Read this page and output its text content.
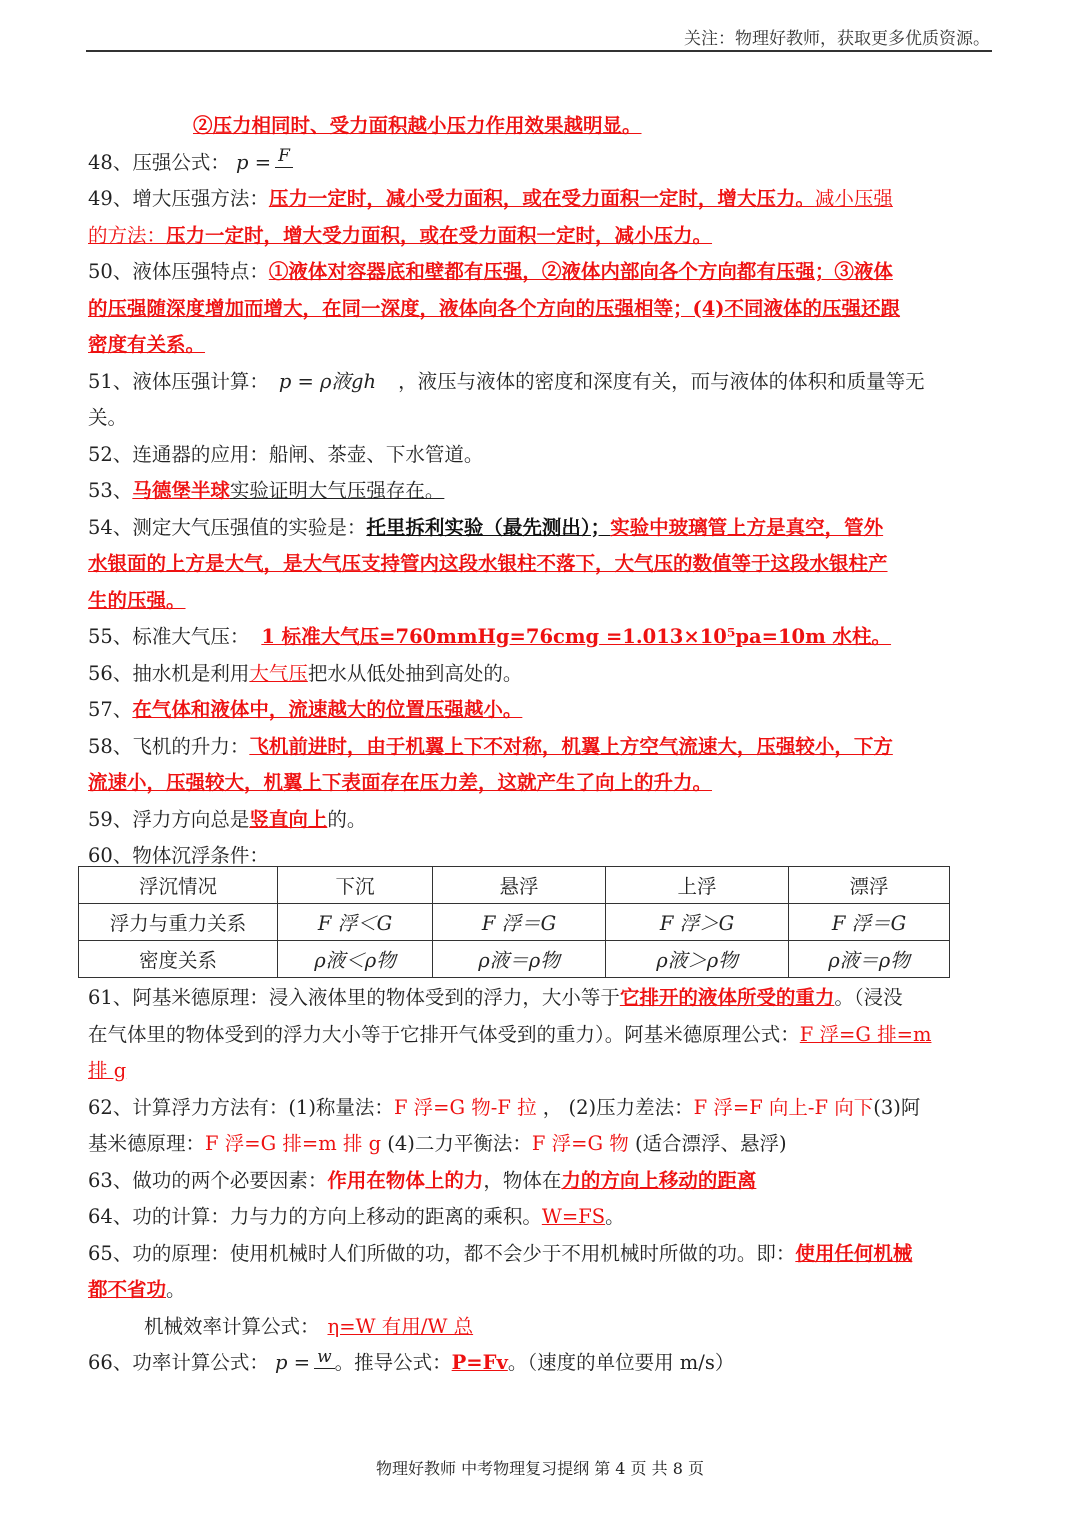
关注：物理好教师，获取更多优质资源。
②压力相同时、受力面积越小压力作用效果越明显。
48、压强公式： p = F
49、增大压强方法：压力一定时，减小受力面积，或在受力面积一定时，增大压力。减小压强
的方法：压力一定时，增大受力面积，或在受力面积一定时，减小压力。
50、液体压强特点：①液体对容器底和壁都有压强，②液体内部向各个方向都有压强；③液体
的压强随深度增加而增大，在同一深度，液体向各个方向的压强相等；(4)不同液体的压强还跟
密度有关系。
51、液体压强计算： p = ρ液gh ，液压与液体的密度和深度有关，而与液体的体积和质量等无
关。
52、连通器的应用：船闸、茶壶、下水管道。
53、马德堡半球实验证明大气压强存在。
54、测定大气压强值的实验是：托里拆利实验（最先测出）；实验中玻璃管上方是真空，管外
水银面的上方是大气，是大气压支持管内这段水银柱不落下，大气压的数值等于这段水银柱产
生的压强。
55、标准大气压： 1 标准大气压=760mmHg=76cmg =1.013×10⁵pa=10m 水柱。
56、抽水机是利用大气压把水从低处抽到高处的。
57、在气体和液体中，流速越大的位置压强越小。
58、飞机的升力：飞机前进时，由于机翼上下不对称，机翼上方空气流速大，压强较小，下方
流速小，压强较大，机翼上下表面存在压力差，这就产生了向上的升力。
59、浮力方向总是竖直向上的。
60、物体沉浮条件：
浮沉情况	下沉	悬浮	上浮	漂浮
浮力与重力关系	F 浮＜G	F 浮＝G	F 浮＞G	F 浮＝G
密度关系	ρ液＜ρ物	ρ液＝ρ物	ρ液＞ρ物	ρ液＝ρ物
61、阿基米德原理：浸入液体里的物体受到的浮力，大小等于它排开的液体所受的重力。（浸没
在气体里的物体受到的浮力大小等于它排开气体受到的重力）。阿基米德原理公式：F 浮=G 排=m
排 g
62、计算浮力方法有：(1)称量法：F 浮=G 物-F 拉 ， (2)压力差法：F 浮=F 向上-F 向下(3)阿
基米德原理：F 浮=G 排=m 排 g (4)二力平衡法：F 浮=G 物 (适合漂浮、悬浮)
63、做功的两个必要因素：作用在物体上的力，物体在力的方向上移动的距离
64、功的计算：力与力的方向上移动的距离的乘积。W=FS。
65、功的原理：使用机械时人们所做的功，都不会少于不用机械时所做的功。即：使用任何机械
都不省功。
机械效率计算公式： η=W 有用/W 总
66、功率计算公式： p = w 。推导公式：P=Fv。（速度的单位要用 m/s）
物理好教师 中考物理复习提纲 第 4 页 共 8 页
